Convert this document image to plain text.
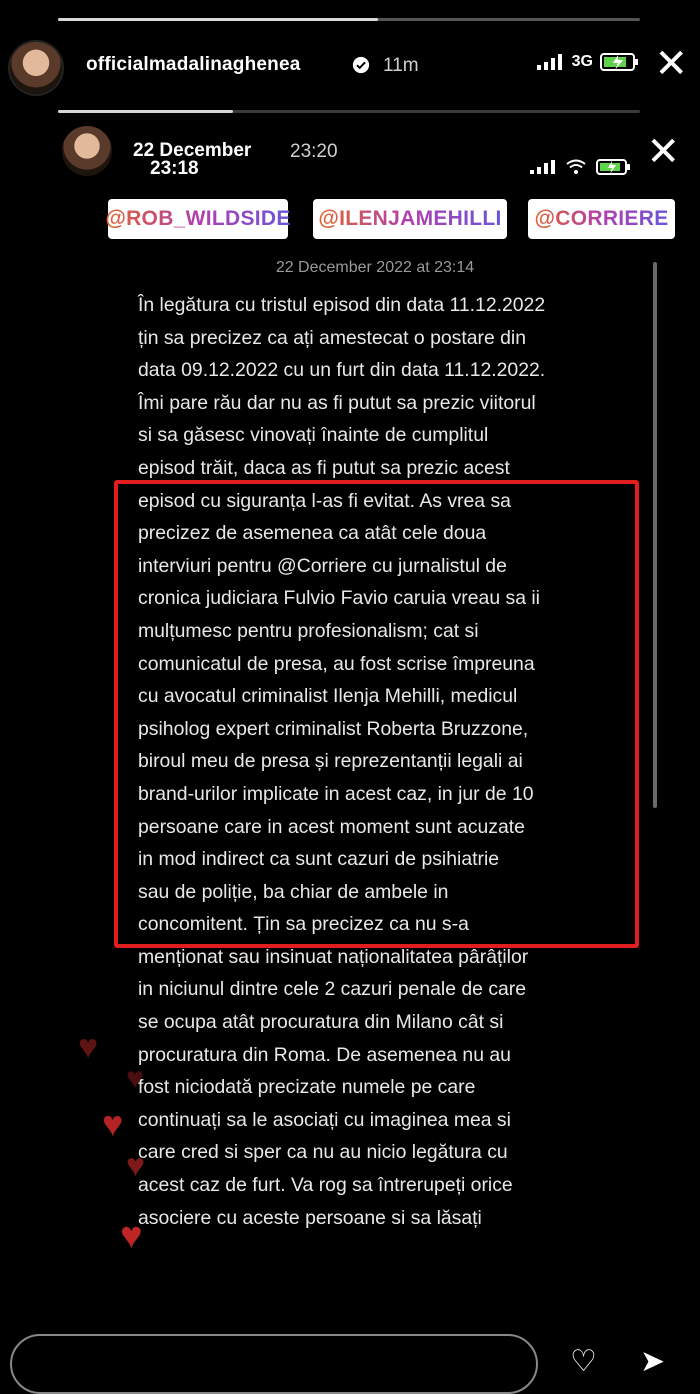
officialmadalinaghenea	11m	3G ✕
22 December
23:18
23:20	✕
@ROB_WILDSIDE @ILENJAMEHILLI @CORRIERE
22 December 2022 at 23:14

În legătura cu tristul episod din data 11.12.2022

țin sa precizez ca ați amestecat o postare din

data 09.12.2022 cu un furt din data 11.12.2022.

Îmi pare rău dar nu as fi putut sa prezic viitorul

si sa găsesc vinovați înainte de cumplitul

episod trăit, daca as fi putut sa prezic acest

episod cu siguranța l-as fi evitat. As vrea sa

precizez de asemenea ca atât cele doua

interviuri pentru @Corriere cu jurnalistul de

cronica judiciara Fulvio Favio caruia vreau sa ii

mulțumesc pentru profesionalism; cat si

comunicatul de presa, au fost scrise împreuna

cu avocatul criminalist Ilenja Mehilli, medicul

psiholog expert criminalist Roberta Bruzzone,

biroul meu de presa și reprezentanții legali ai

brand-urilor implicate in acest caz, in jur de 10

persoane care in acest moment sunt acuzate

in mod indirect ca sunt cazuri de psihiatrie

sau de poliție, ba chiar de ambele in

concomitent. Țin sa precizez ca nu s-a

menționat sau insinuat naționalitatea pârâților

in niciunul dintre cele 2 cazuri penale de care

se ocupa atât procuratura din Milano cât si

procuratura din Roma. De asemenea nu au

fost niciodată precizate numele pe care

continuați sa le asociați cu imaginea mea si

care cred si sper ca nu au nicio legătura cu

acest caz de furt. Va rog sa întrerupeți orice

asociere cu aceste persoane si sa lăsați

♥
♥
♥
♥
♥
♡ ➤
